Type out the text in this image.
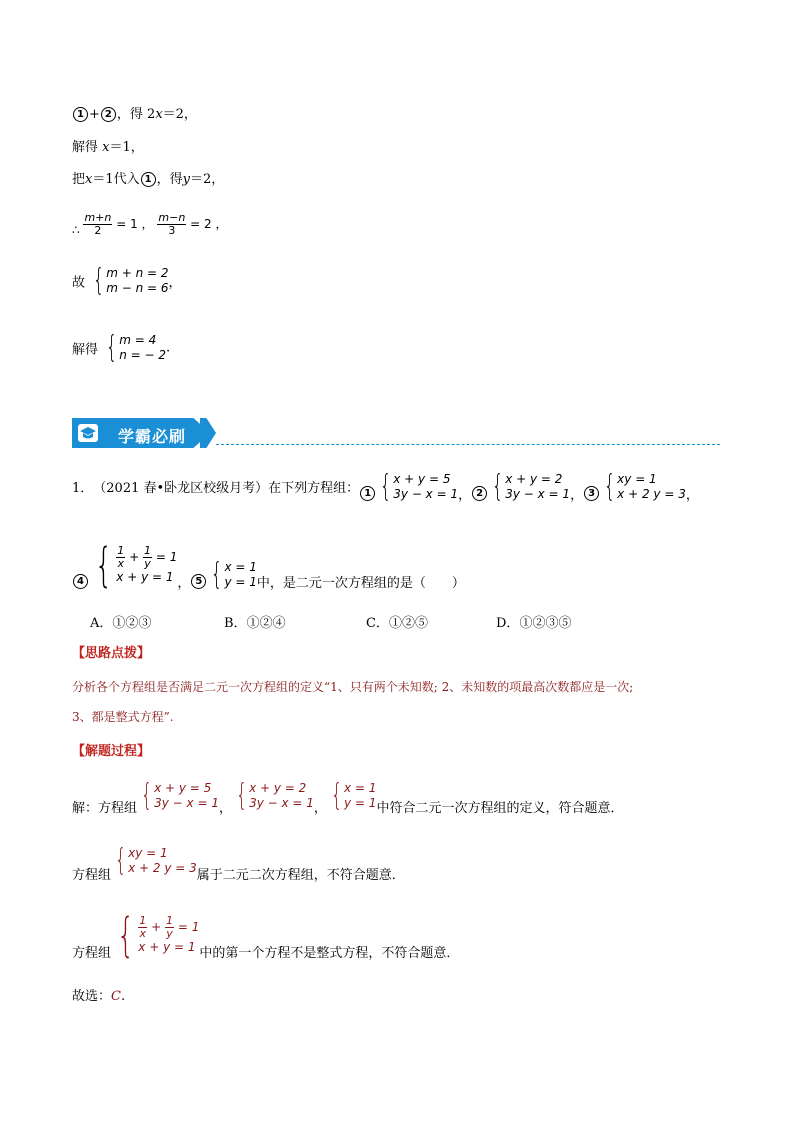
1 + 2 ，得 2x＝2，
解得 x＝1，
把x＝1代入 1 ，得y＝2，
∴ $\frac{m+n}{2} = 1$ ， $\frac{m-n}{3} = 2$ ，
故 { m + n = 2
m − n = 6 ，
解得 { m = 4
n = − 2 .
学霸必刷
1． （2021 春•卧龙区校级月考）在下列方程组： 1 { x + y = 5
3y − x = 1 ， 2 { x + y = 2
3y − x = 1 ， 3 { xy = 1
x + 2 y = 3 ，
4 { $\frac{1}{x} + \frac{1}{y} = 1$
x + y = 1 ， 5 { x = 1
y = 1 中，是二元一次方程组的是（　　）
A．①②③	B．①②④	C．①②⑤	D．①②③⑤
【思路点拨】
分析各个方程组是否满足二元一次方程组的定义“1、只有两个未知数; 2、未知数的项最高次数都应是一次;
3、都是整式方程”.
【解题过程】
解：方程组 { x + y = 5
3y − x = 1 ， { x + y = 2
3y − x = 1 ， { x = 1
y = 1 中符合二元一次方程组的定义，符合题意．
方程组 { xy = 1
x + 2 y = 3
属于二元二次方程组，不符合题意．
方程组 { $\frac{1}{x} + \frac{1}{y} = 1$
x + y = 1 中的第一个方程不是整式方程，不符合题意．
故选：C.
